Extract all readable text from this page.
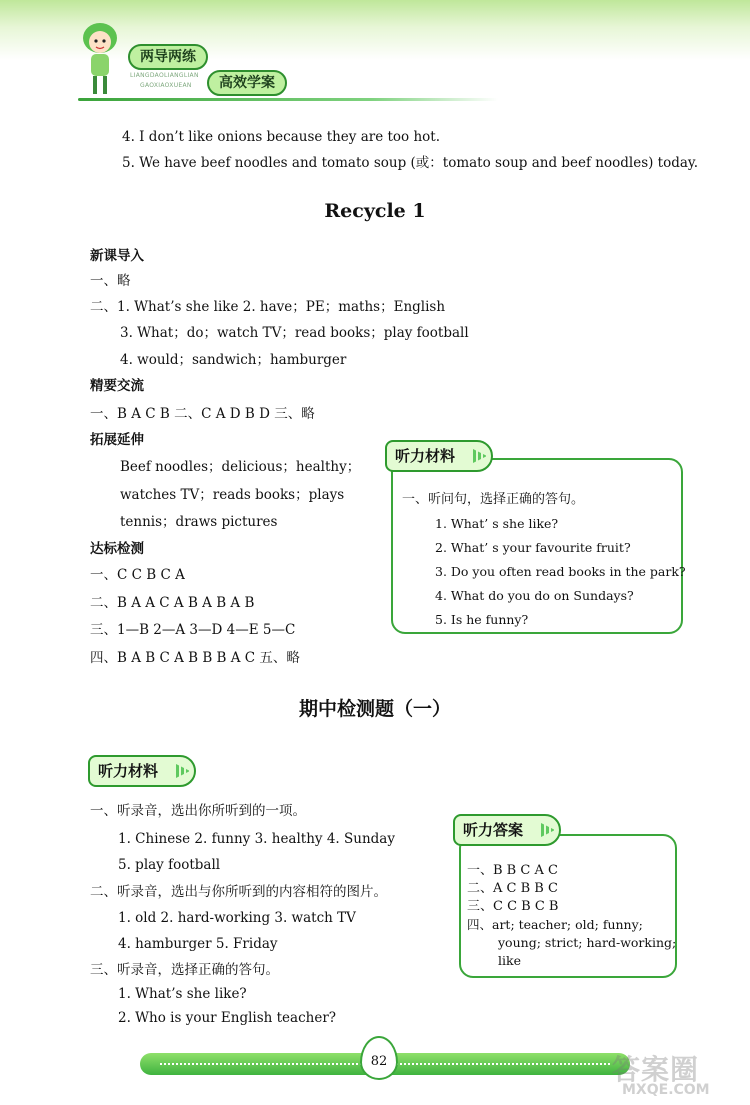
两导两练
LIANGDAOLIANGLIAN
GAOXIAOXUEAN	高效学案
4. I don’t like onions because they are too hot.
5. We have beef noodles and tomato soup (或：tomato soup and beef noodles) today.
Recycle 1
新课导入
一、略
二、1. What’s she like 2. have；PE；maths；English
3. What；do；watch TV；read books；play football
4. would；sandwich；hamburger
精要交流
一、B A C B 二、C A D B D 三、略
拓展延伸
Beef noodles；delicious；healthy；
watches TV；reads books；plays
tennis；draws pictures
达标检测
一、C C B C A
二、B A A C A B A B A B
三、1—B 2—A 3—D 4—E 5—C
四、B A B C A B B B A C 五、略
听力材料
一、听问句，选择正确的答句。
1. What’ s she like?
2. What’ s your favourite fruit?
3. Do you often read books in the park?
4. What do you do on Sundays?
5. Is he funny?
期中检测题（一）
听力材料
一、听录音，选出你所听到的一项。
1. Chinese 2. funny 3. healthy 4. Sunday
5. play football
二、听录音，选出与你所听到的内容相符的图片。
1. old 2. hard-working 3. watch TV
4. hamburger 5. Friday
三、听录音，选择正确的答句。
1. What’s she like?
2. Who is your English teacher?
听力答案
一、B B C A C
二、A C B B C
三、C C B C B
四、art; teacher; old; funny;
young; strict; hard-working;
like
82	答案圈
MXQE.COM
